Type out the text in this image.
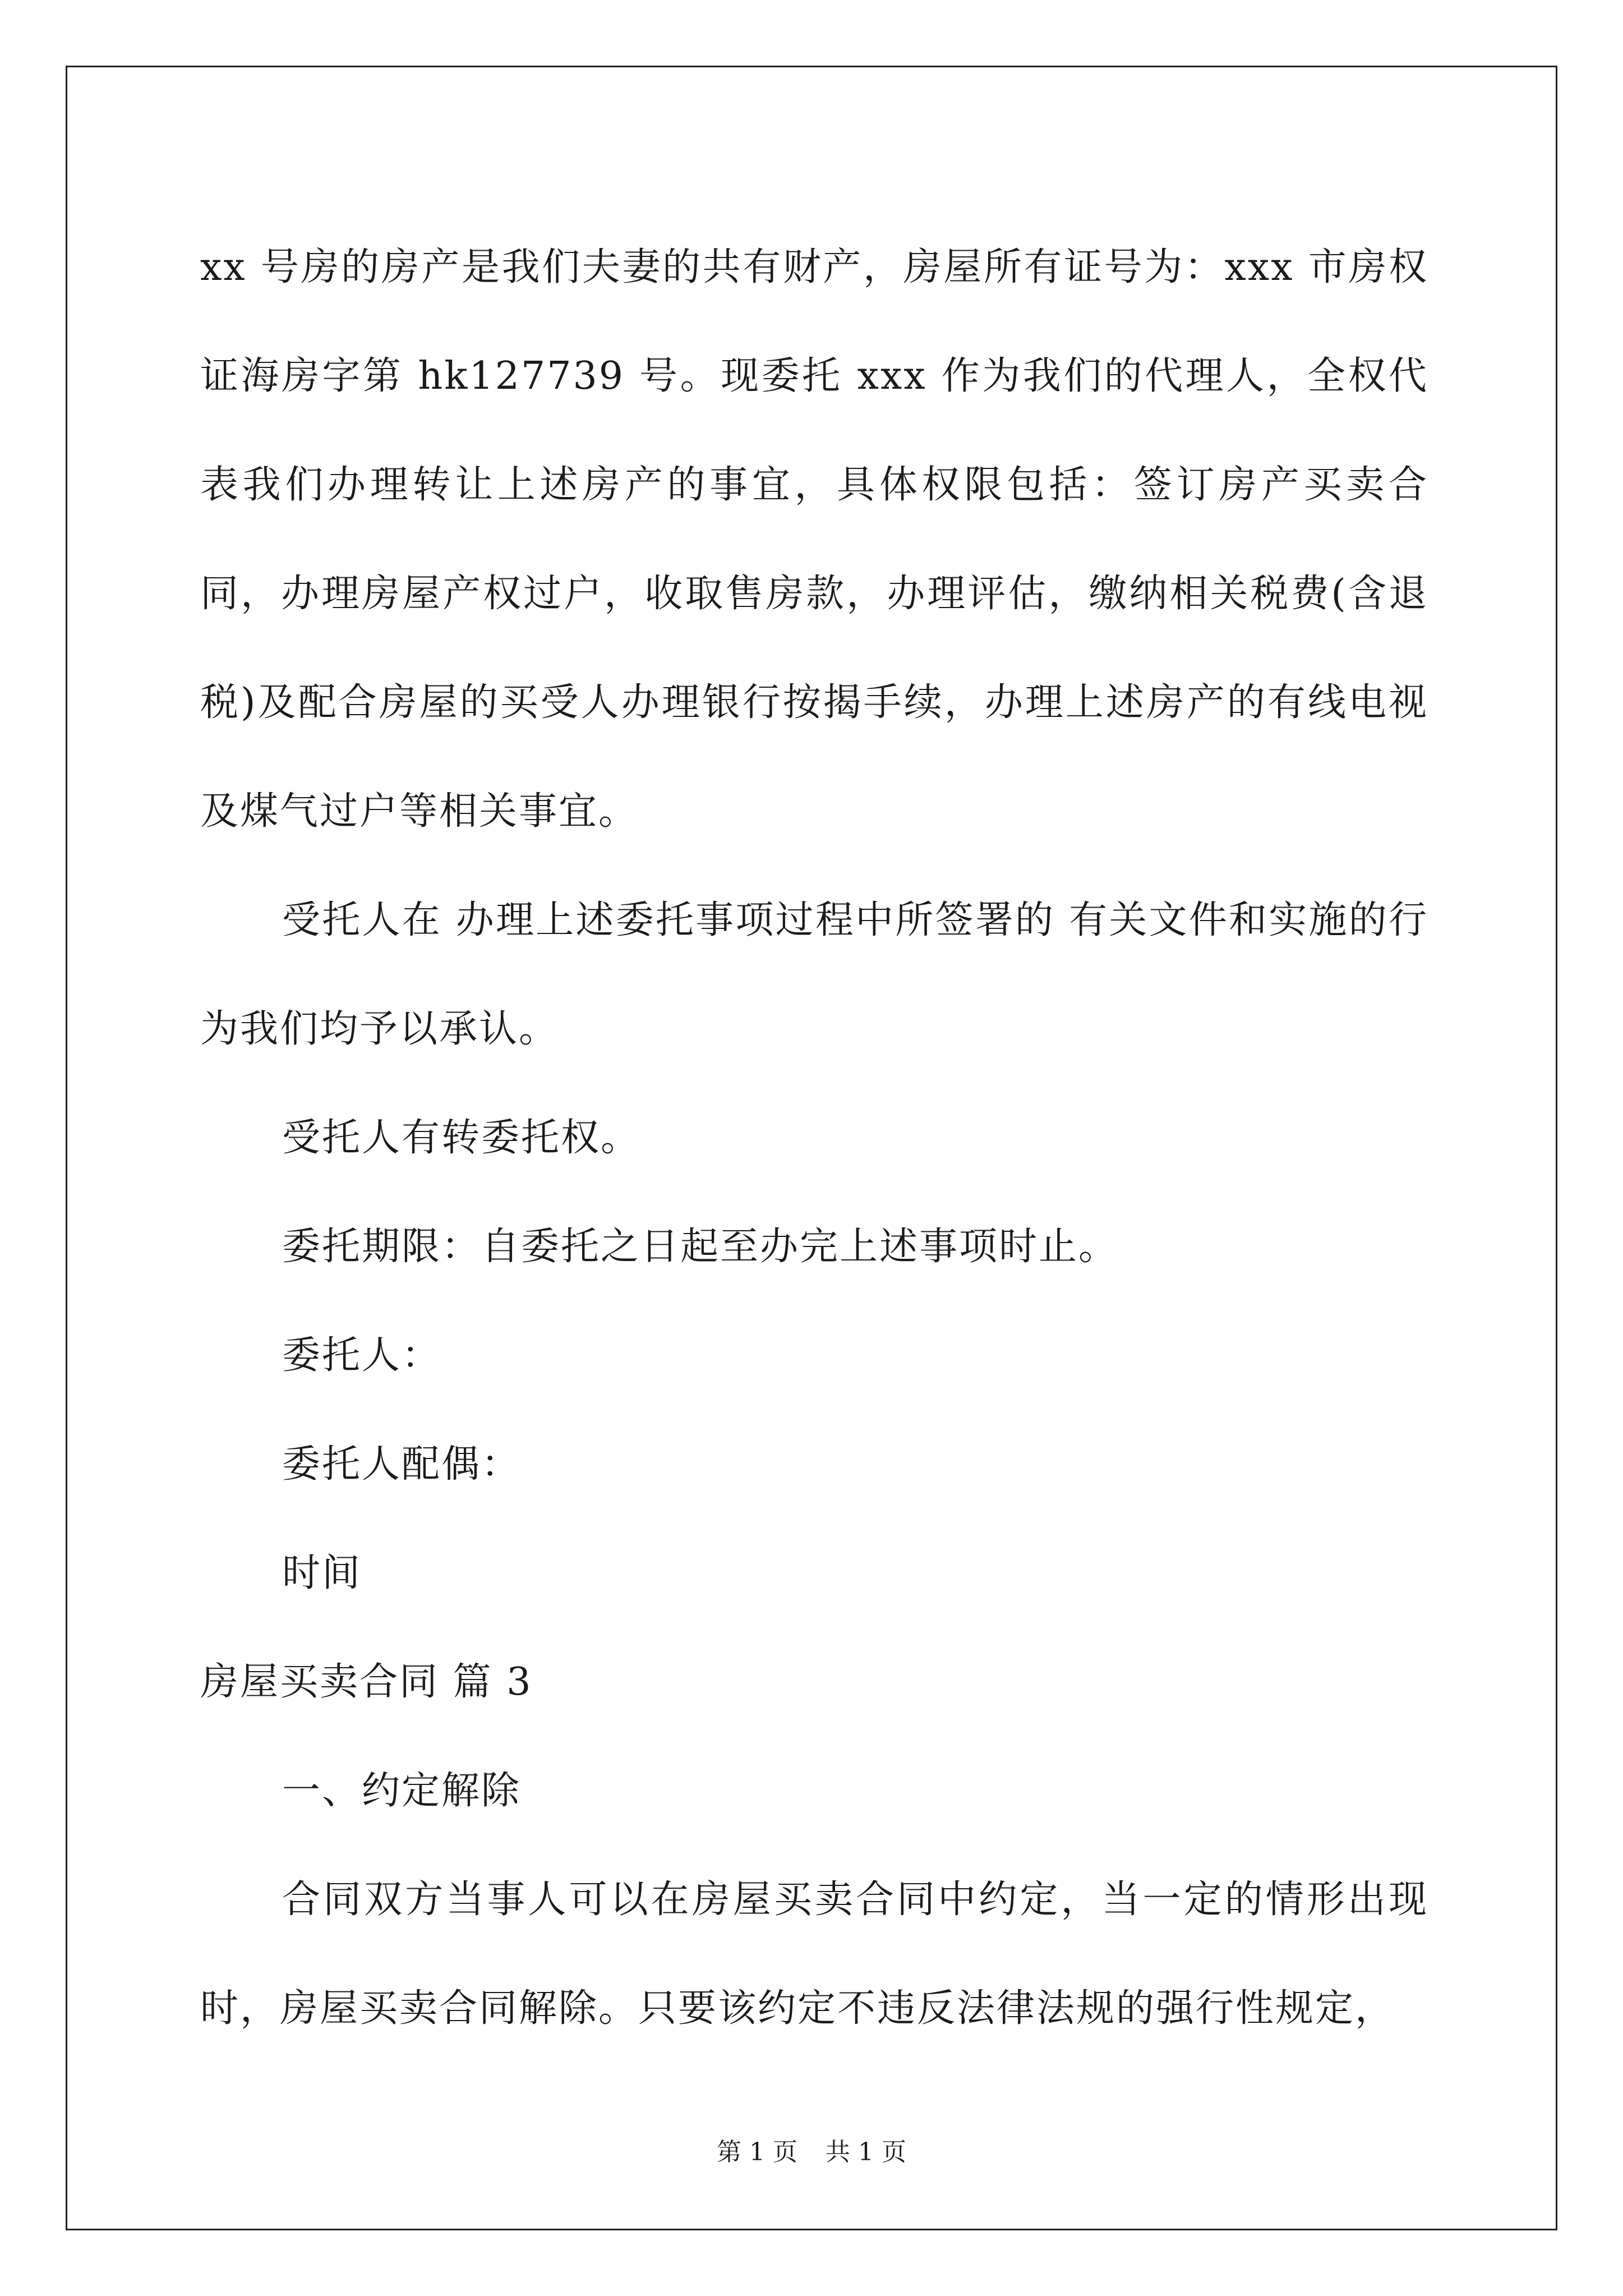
xx 号房的房产是我们夫妻的共有财产，房屋所有证号为：xxx 市房权证海房字第 hk127739 号。现委托 xxx 作为我们的代理人，全权代表我们办理转让上述房产的事宜，具体权限包括：签订房产买卖合同，办理房屋产权过户，收取售房款，办理评估，缴纳相关税费(含退税)及配合房屋的买受人办理银行按揭手续，办理上述房产的有线电视及煤气过户等相关事宜。

受托人在 办理上述委托事项过程中所签署的 有关文件和实施的行为我们均予以承认。

受托人有转委托权。

委托期限：自委托之日起至办完上述事项时止。

委托人：

委托人配偶：

时间

房屋买卖合同 篇 3

一、约定解除

合同双方当事人可以在房屋买卖合同中约定，当一定的情形出现时，房屋买卖合同解除。只要该约定不违反法律法规的强行性规定，

第 1 页 共 1 页
